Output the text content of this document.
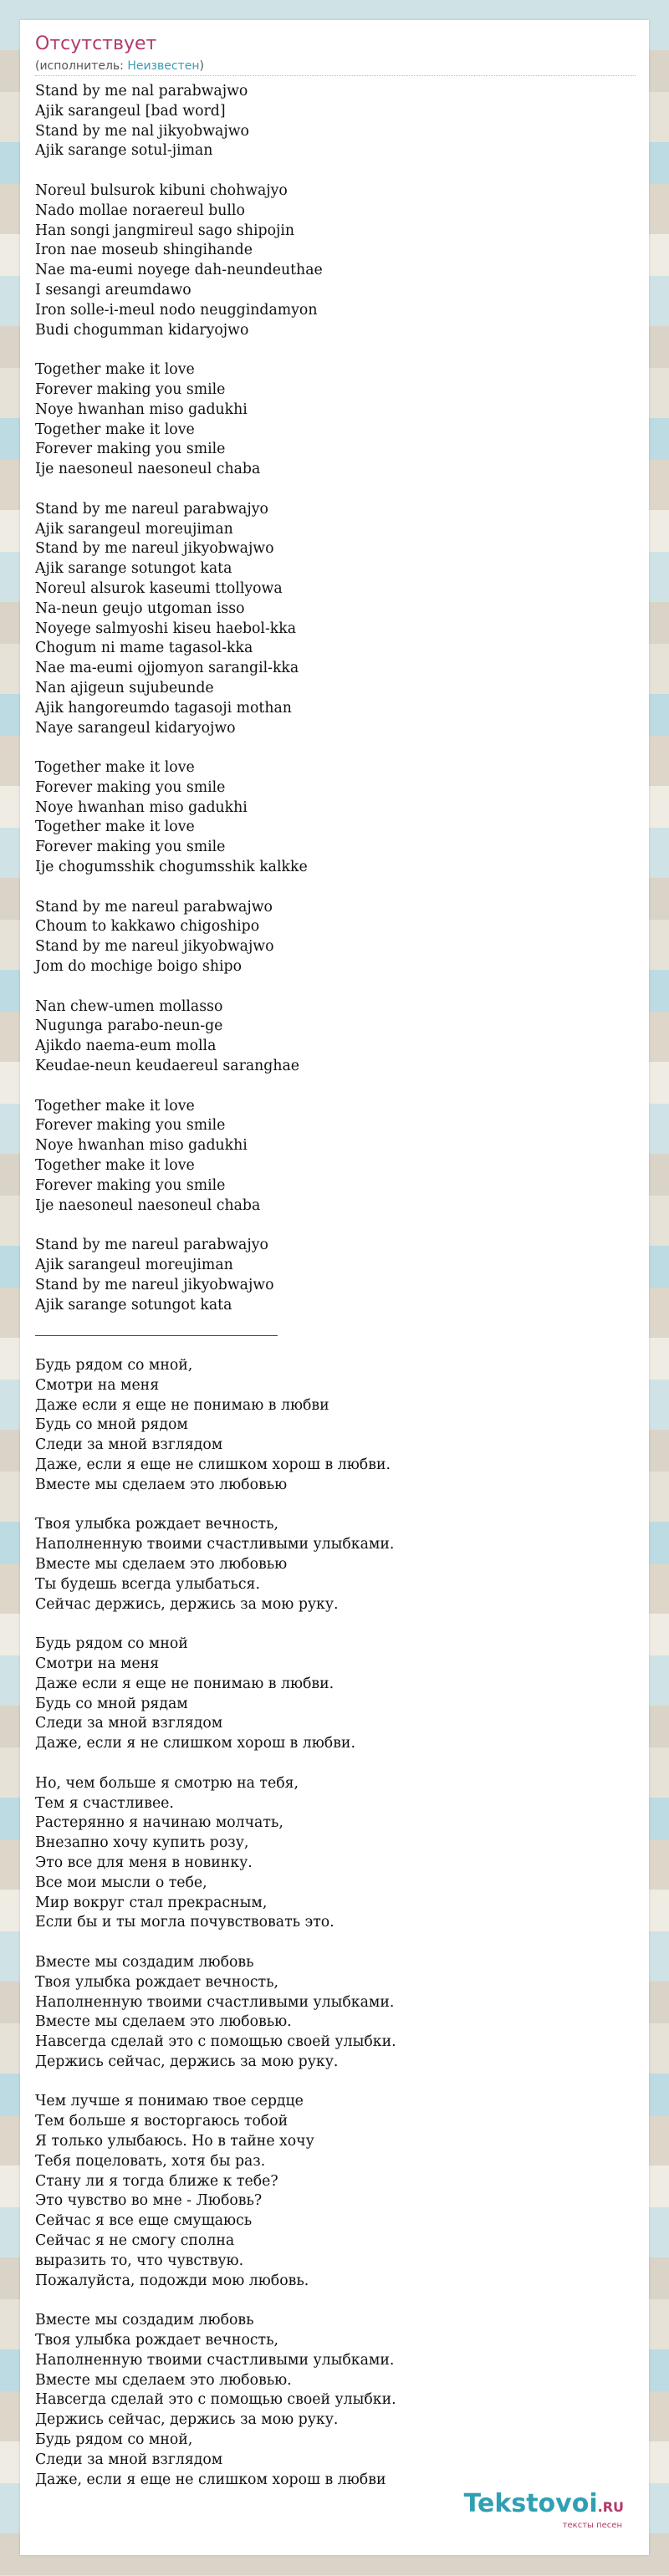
Отсутствует
(исполнитель: Неизвестен)
Stand by me nal parabwajwo
Ajik sarangeul [bad word]
Stand by me nal jikyobwajwo
Ajik sarange sotul-jiman
Noreul bulsurok kibuni chohwajyo
Nado mollae noraereul bullo
Han songi jangmireul sago shipojin
Iron nae moseub shingihande
Nae ma-eumi noyege dah-neundeuthae
I sesangi areumdawo
Iron solle-i-meul nodo neuggindamyon
Budi chogumman kidaryojwo
Together make it love
Forever making you smile
Noye hwanhan miso gadukhi
Together make it love
Forever making you smile
Ije naesoneul naesoneul chaba
Stand by me nareul parabwajyo
Ajik sarangeul moreujiman
Stand by me nareul jikyobwajwo
Ajik sarange sotungot kata
Noreul alsurok kaseumi ttollyowa
Na-neun geujo utgoman isso
Noyege salmyoshi kiseu haebol-kka
Chogum ni mame tagasol-kka
Nae ma-eumi ojjomyon sarangil-kka
Nan ajigeun sujubeunde
Ajik hangoreumdo tagasoji mothan
Naye sarangeul kidaryojwo
Together make it love
Forever making you smile
Noye hwanhan miso gadukhi
Together make it love
Forever making you smile
Ije chogumsshik chogumsshik kalkke
Stand by me nareul parabwajwo
Choum to kakkawo chigoshipo
Stand by me nareul jikyobwajwo
Jom do mochige boigo shipo
Nan chew-umen mollasso
Nugunga parabo-neun-ge
Ajikdo naema-eum molla
Keudae-neun keudaereul saranghae
Together make it love
Forever making you smile
Noye hwanhan miso gadukhi
Together make it love
Forever making you smile
Ije naesoneul naesoneul chaba
Stand by me nareul parabwajyo
Ajik sarangeul moreujiman
Stand by me nareul jikyobwajwo
Ajik sarange sotungot kata
Будь рядом со мной,
Смотри на меня
Даже если я еще не понимаю в любви
Будь со мной рядом
Следи за мной взглядом
Даже, если я еще не слишком хорош в любви.
Вместе мы сделаем это любовью
Твоя улыбка рождает вечность,
Наполненную твоими счастливыми улыбками.
Вместе мы сделаем это любовью
Ты будешь всегда улыбаться.
Сейчас держись, держись за мою руку.
Будь рядом со мной
Смотри на меня
Даже если я еще не понимаю в любви.
Будь со мной рядам
Следи за мной взглядом
Даже, если я не слишком хорош в любви.
Но, чем больше я смотрю на тебя,
Тем я счастливее.
Растерянно я начинаю молчать,
Внезапно хочу купить розу,
Это все для меня в новинку.
Все мои мысли о тебе,
Мир вокруг стал прекрасным,
Если бы и ты могла почувствовать это.
Вместе мы создадим любовь
Твоя улыбка рождает вечность,
Наполненную твоими счастливыми улыбками.
Вместе мы сделаем это любовью.
Навсегда сделай это с помощью своей улыбки.
Держись сейчас, держись за мою руку.
Чем лучше я понимаю твое сердце
Тем больше я восторгаюсь тобой
Я только улыбаюсь. Но в тайне хочу
Тебя поцеловать, хотя бы раз.
Стану ли я тогда ближе к тебе?
Это чувство во мне - Любовь?
Сейчас я все еще смущаюсь
Сейчас я не смогу сполна
выразить то, что чувствую.
Пожалуйста, подожди мою любовь.
Вместе мы создадим любовь
Твоя улыбка рождает вечность,
Наполненную твоими счастливыми улыбками.
Вместе мы сделаем это любовью.
Навсегда сделай это с помощью своей улыбки.
Держись сейчас, держись за мою руку.
Будь рядом со мной,
Следи за мной взглядом
Даже, если я еще не слишком хорош в любви
Tekstovoi.RU
тексты песен
